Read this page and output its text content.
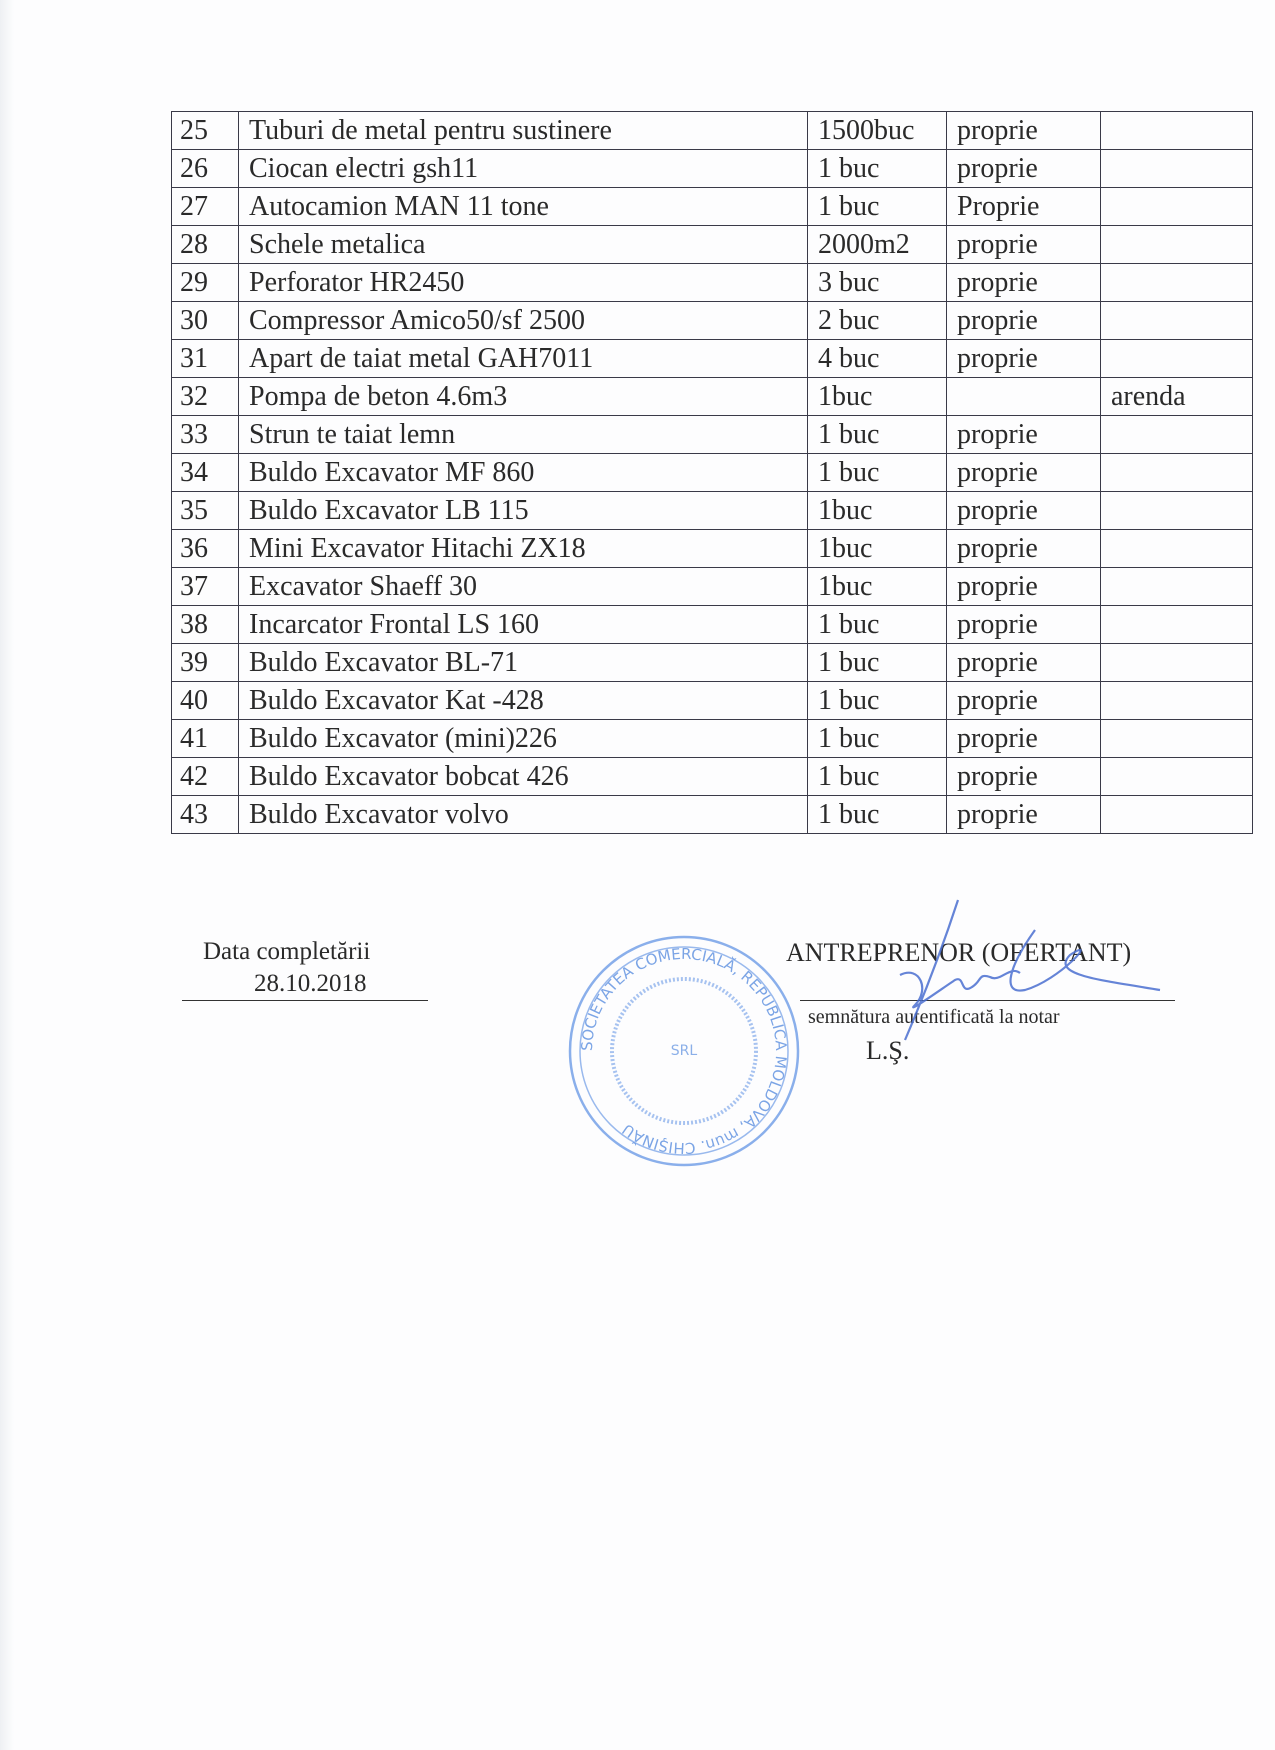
25	Tuburi de metal pentru sustinere	1500buc	proprie	
26	Ciocan electri gsh11	1 buc	proprie	
27	Autocamion MAN 11 tone	1 buc	Proprie	
28	Schele metalica	2000m2	proprie	
29	Perforator HR2450	3 buc	proprie	
30	Compressor Amico50/sf 2500	2 buc	proprie	
31	Apart de taiat metal GAH7011	4 buc	proprie	
32	Pompa de beton 4.6m3	1buc		arenda
33	Strun te taiat lemn	1 buc	proprie	
34	Buldo Excavator MF 860	1 buc	proprie	
35	Buldo Excavator LB 115	1buc	proprie	
36	Mini Excavator Hitachi ZX18	1buc	proprie	
37	Excavator Shaeff 30	1buc	proprie	
38	Incarcator Frontal LS 160	1 buc	proprie	
39	Buldo Excavator BL-71	1 buc	proprie	
40	Buldo Excavator Kat -428	1 buc	proprie	
41	Buldo Excavator (mini)226	1 buc	proprie	
42	Buldo Excavator bobcat 426	1 buc	proprie	
43	Buldo Excavator volvo	1 buc	proprie	
Data completării
28.10.2018
SOCIETATEA COMERCIALĂ, REPUBLICA MOLDOVA, mun. CHIŞINĂU
SRL
ANTREPRENOR (OFERTANT)
semnătura autentificată la notar
L.Ş.
